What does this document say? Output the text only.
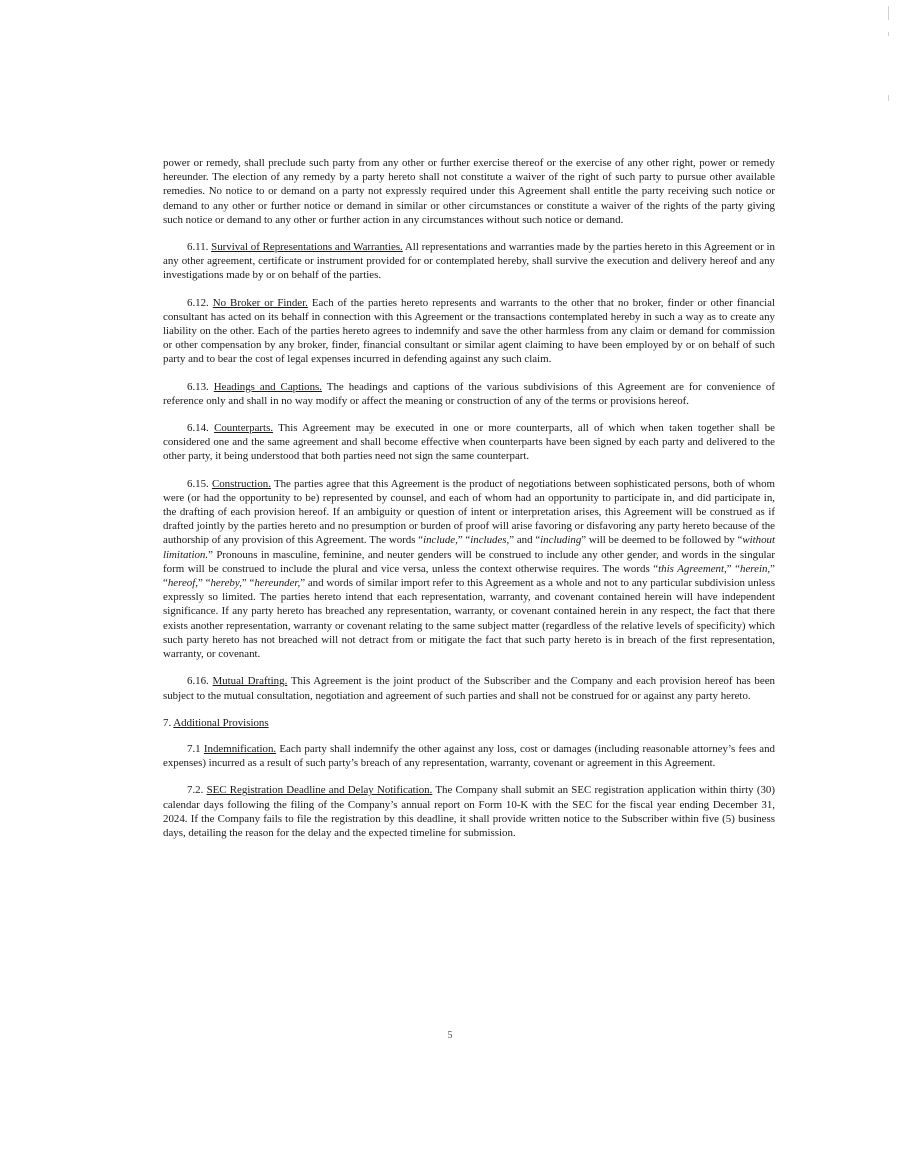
power or remedy, shall preclude such party from any other or further exercise thereof or the exercise of any other right, power or remedy hereunder. The election of any remedy by a party hereto shall not constitute a waiver of the right of such party to pursue other available remedies. No notice to or demand on a party not expressly required under this Agreement shall entitle the party receiving such notice or demand to any other or further notice or demand in similar or other circumstances or constitute a waiver of the rights of the party giving such notice or demand to any other or further action in any circumstances without such notice or demand.

6.11. Survival of Representations and Warranties. All representations and warranties made by the parties hereto in this Agreement or in any other agreement, certificate or instrument provided for or contemplated hereby, shall survive the execution and delivery hereof and any investigations made by or on behalf of the parties.

6.12. No Broker or Finder. Each of the parties hereto represents and warrants to the other that no broker, finder or other financial consultant has acted on its behalf in connection with this Agreement or the transactions contemplated hereby in such a way as to create any liability on the other. Each of the parties hereto agrees to indemnify and save the other harmless from any claim or demand for commission or other compensation by any broker, finder, financial consultant or similar agent claiming to have been employed by or on behalf of such party and to bear the cost of legal expenses incurred in defending against any such claim.

6.13. Headings and Captions. The headings and captions of the various subdivisions of this Agreement are for convenience of reference only and shall in no way modify or affect the meaning or construction of any of the terms or provisions hereof.

6.14. Counterparts. This Agreement may be executed in one or more counterparts, all of which when taken together shall be considered one and the same agreement and shall become effective when counterparts have been signed by each party and delivered to the other party, it being understood that both parties need not sign the same counterpart.

6.15. Construction. The parties agree that this Agreement is the product of negotiations between sophisticated persons, both of whom were (or had the opportunity to be) represented by counsel, and each of whom had an opportunity to participate in, and did participate in, the drafting of each provision hereof. If an ambiguity or question of intent or interpretation arises, this Agreement will be construed as if drafted jointly by the parties hereto and no presumption or burden of proof will arise favoring or disfavoring any party hereto because of the authorship of any provision of this Agreement. The words “include,” “includes,” and “including” will be deemed to be followed by “without limitation.” Pronouns in masculine, feminine, and neuter genders will be construed to include any other gender, and words in the singular form will be construed to include the plural and vice versa, unless the context otherwise requires. The words “this Agreement,” “herein,” “hereof,” “hereby,” “hereunder,” and words of similar import refer to this Agreement as a whole and not to any particular subdivision unless expressly so limited. The parties hereto intend that each representation, warranty, and covenant contained herein will have independent significance. If any party hereto has breached any representation, warranty, or covenant contained herein in any respect, the fact that there exists another representation, warranty or covenant relating to the same subject matter (regardless of the relative levels of specificity) which such party hereto has not breached will not detract from or mitigate the fact that such party hereto is in breach of the first representation, warranty, or covenant.

6.16. Mutual Drafting. This Agreement is the joint product of the Subscriber and the Company and each provision hereof has been subject to the mutual consultation, negotiation and agreement of such parties and shall not be construed for or against any party hereto.

7. Additional Provisions

7.1 Indemnification. Each party shall indemnify the other against any loss, cost or damages (including reasonable attorney’s fees and expenses) incurred as a result of such party’s breach of any representation, warranty, covenant or agreement in this Agreement.

7.2. SEC Registration Deadline and Delay Notification. The Company shall submit an SEC registration application within thirty (30) calendar days following the filing of the Company’s annual report on Form 10-K with the SEC for the fiscal year ending December 31, 2024. If the Company fails to file the registration by this deadline, it shall provide written notice to the Subscriber within five (5) business days, detailing the reason for the delay and the expected timeline for submission.

5
